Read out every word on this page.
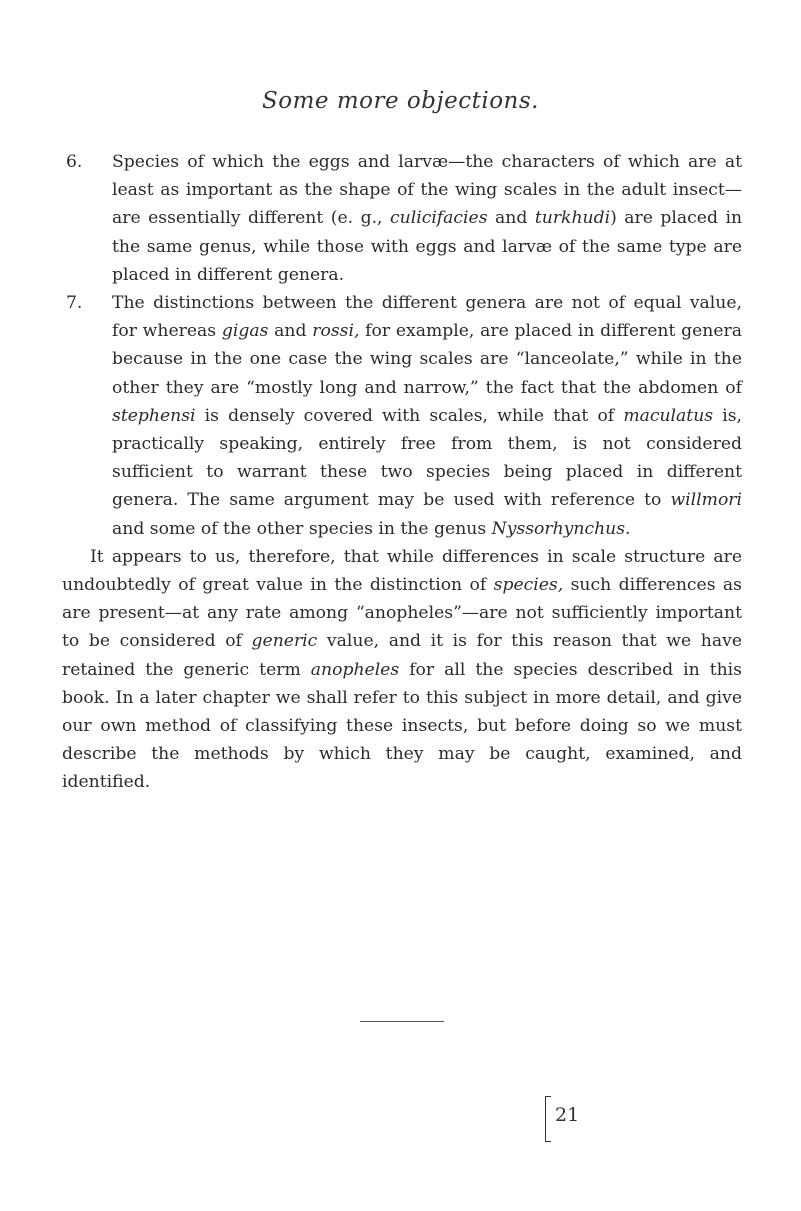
Some more objections.
6.	Species of which the eggs and larvæ—the characters of which are at least as important as the shape of the wing scales in the adult insect—are essentially different (e. g., culicifacies and turkhudi) are placed in the same genus, while those with eggs and larvæ of the same type are placed in different genera.
7.	The distinctions between the different genera are not of equal value, for whereas gigas and rossi, for example, are placed in different genera because in the one case the wing scales are “lanceolate,” while in the other they are “mostly long and narrow,” the fact that the abdomen of stephensi is densely covered with scales, while that of maculatus is, practically speaking, entirely free from them, is not considered sufficient to warrant these two species being placed in different genera. The same argument may be used with reference to willmori and some of the other species in the genus Nyssorhynchus.

It appears to us, therefore, that while differences in scale structure are undoubtedly of great value in the distinction of species, such differences as are present—at any rate among “anopheles”—are not sufficiently important to be considered of generic value, and it is for this reason that we have retained the generic term anopheles for all the species described in this book. In a later chapter we shall refer to this subject in more detail, and give our own method of classifying these insects, but before doing so we must describe the methods by which they may be caught, examined, and identified.

21
